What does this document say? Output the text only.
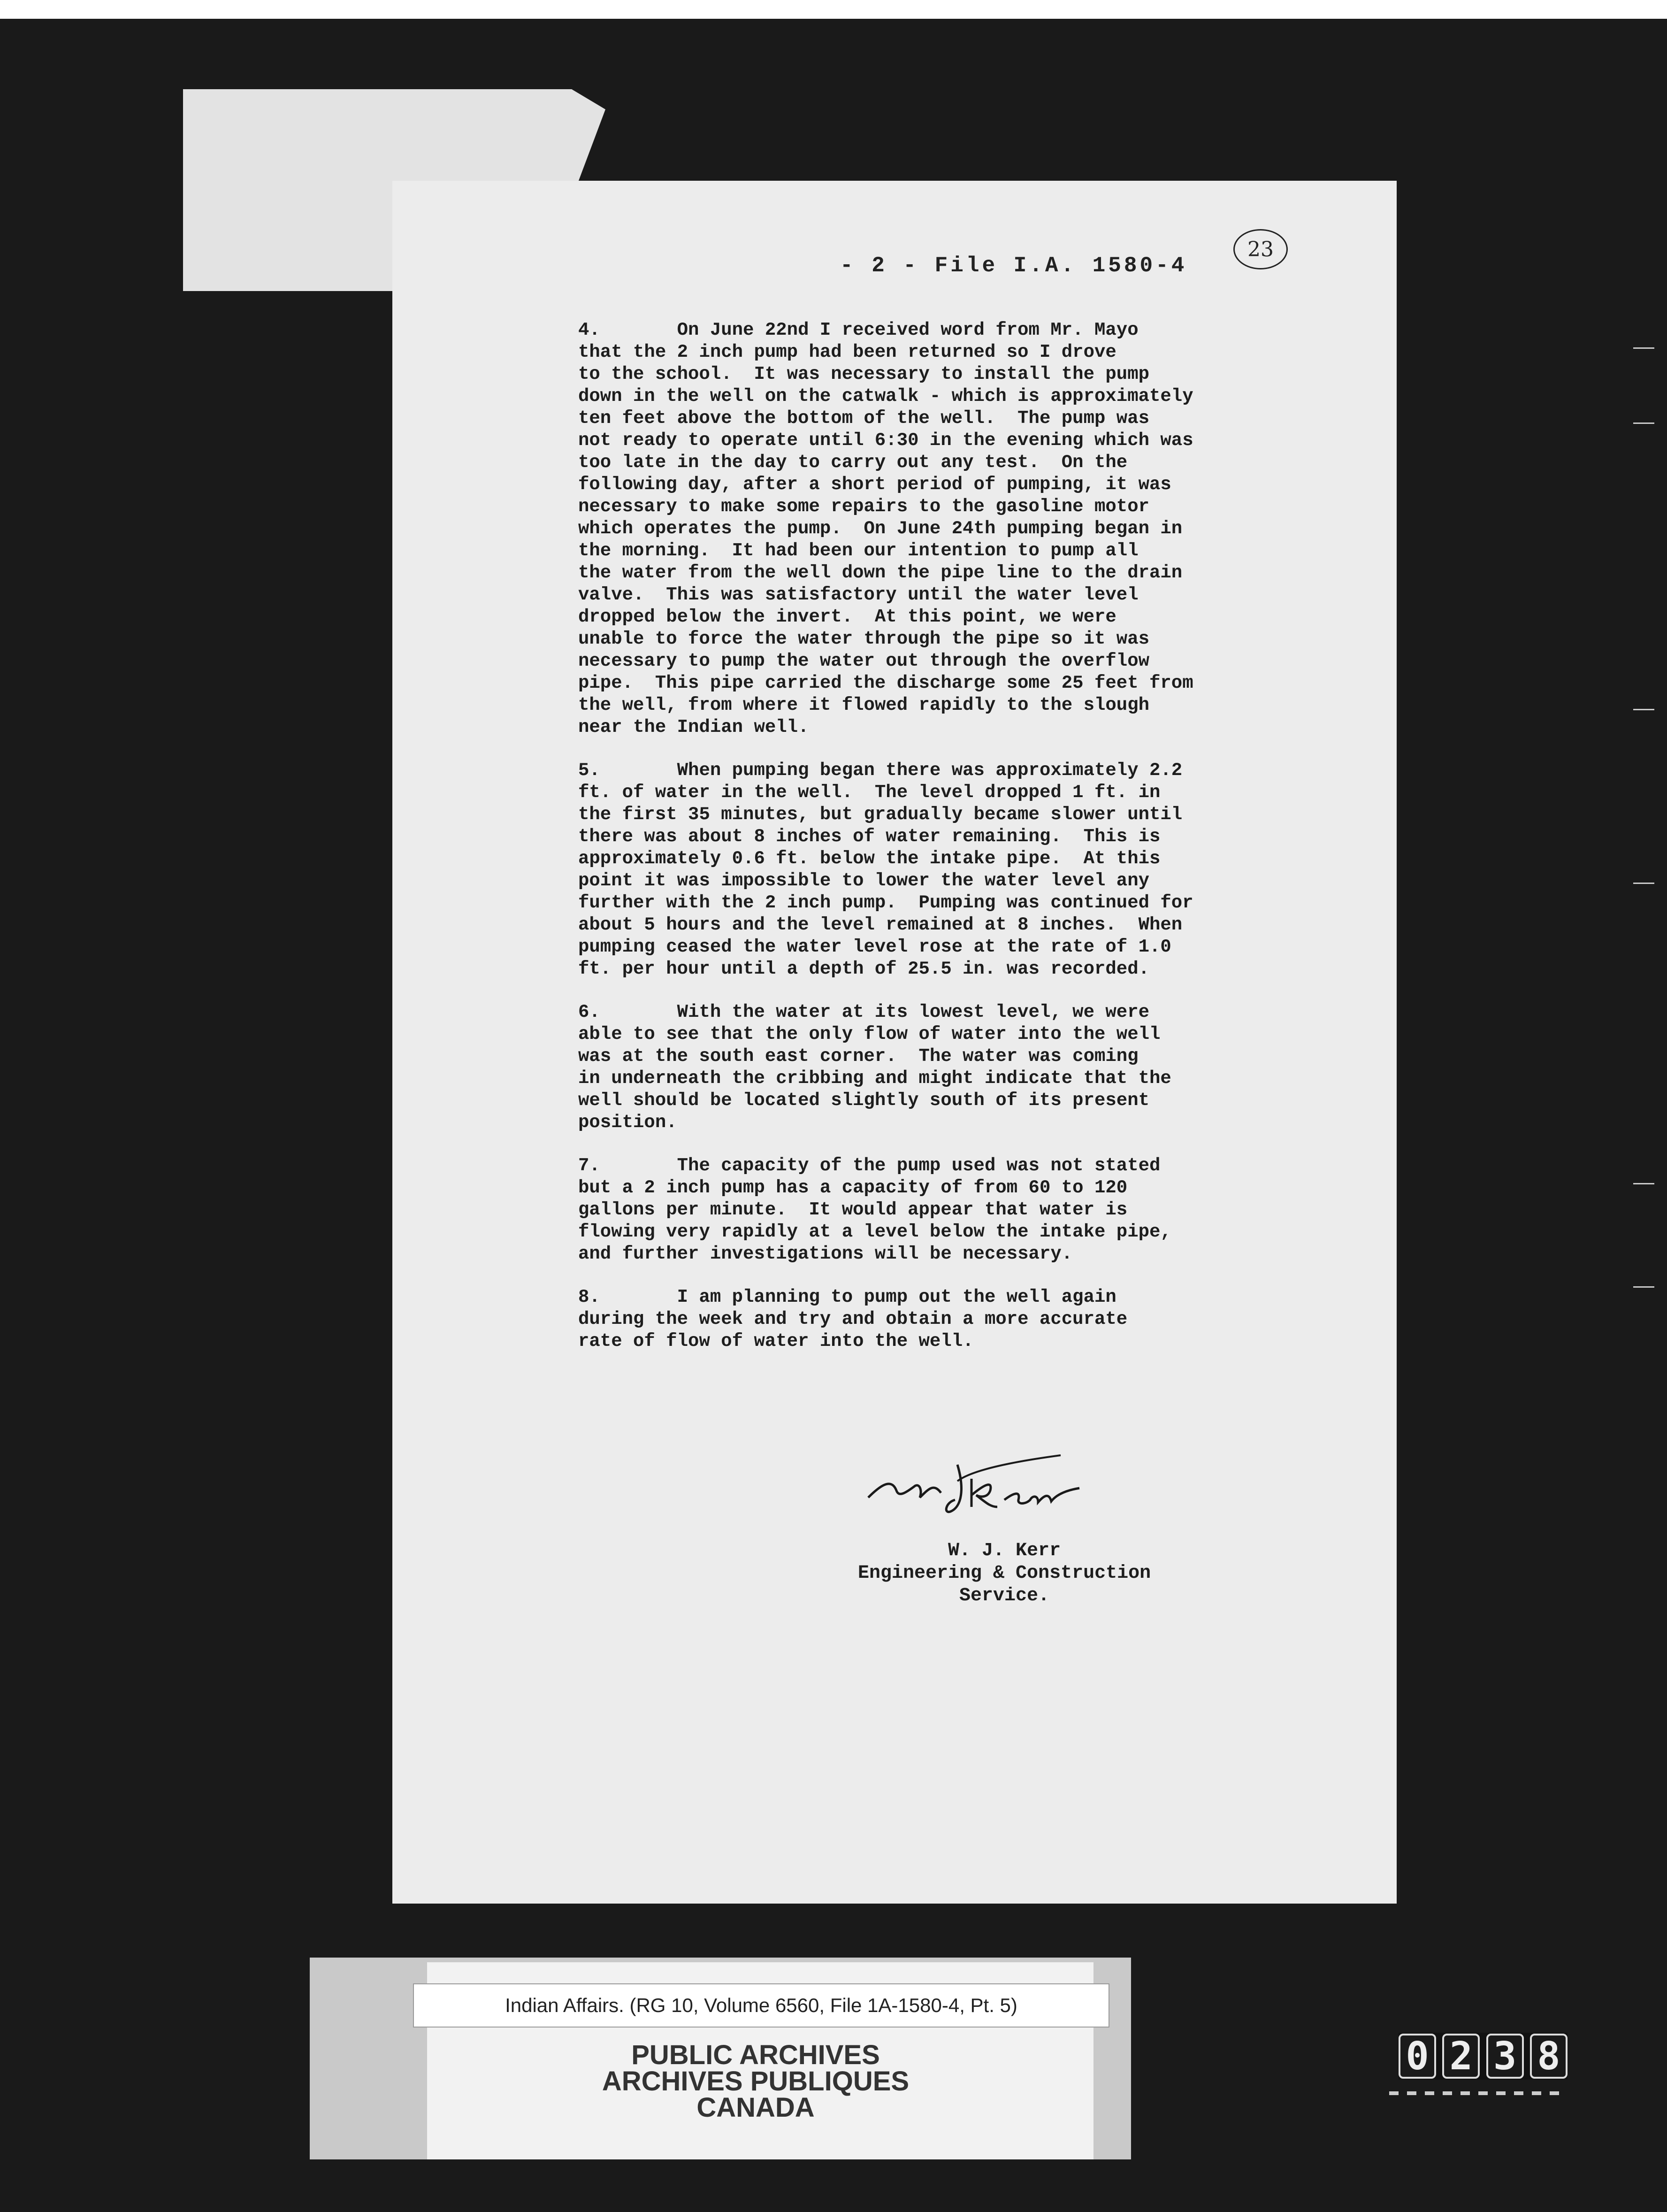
- 2 - File I.A. 1580-4
23

4.       On June 22nd I received word from Mr. Mayo
that the 2 inch pump had been returned so I drove
to the school.  It was necessary to install the pump
down in the well on the catwalk - which is approximately
ten feet above the bottom of the well.  The pump was
not ready to operate until 6:30 in the evening which was
too late in the day to carry out any test.  On the
following day, after a short period of pumping, it was
necessary to make some repairs to the gasoline motor
which operates the pump.  On June 24th pumping began in
the morning.  It had been our intention to pump all
the water from the well down the pipe line to the drain
valve.  This was satisfactory until the water level
dropped below the invert.  At this point, we were
unable to force the water through the pipe so it was
necessary to pump the water out through the overflow
pipe.  This pipe carried the discharge some 25 feet from
the well, from where it flowed rapidly to the slough
near the Indian well.

5.       When pumping began there was approximately 2.2
ft. of water in the well.  The level dropped 1 ft. in
the first 35 minutes, but gradually became slower until
there was about 8 inches of water remaining.  This is
approximately 0.6 ft. below the intake pipe.  At this
point it was impossible to lower the water level any
further with the 2 inch pump.  Pumping was continued for
about 5 hours and the level remained at 8 inches.  When
pumping ceased the water level rose at the rate of 1.0
ft. per hour until a depth of 25.5 in. was recorded.

6.       With the water at its lowest level, we were
able to see that the only flow of water into the well
was at the south east corner.  The water was coming
in underneath the cribbing and might indicate that the
well should be located slightly south of its present
position.

7.       The capacity of the pump used was not stated
but a 2 inch pump has a capacity of from 60 to 120
gallons per minute.  It would appear that water is
flowing very rapidly at a level below the intake pipe,
and further investigations will be necessary.

8.       I am planning to pump out the well again
during the week and try and obtain a more accurate
rate of flow of water into the well.

W. J. Kerr
Engineering & Construction
Service.
Indian Affairs. (RG 10, Volume 6560, File 1A-1580-4, Pt. 5)
PUBLIC ARCHIVES
ARCHIVES PUBLIQUES
CANADA
0 2 3 8
